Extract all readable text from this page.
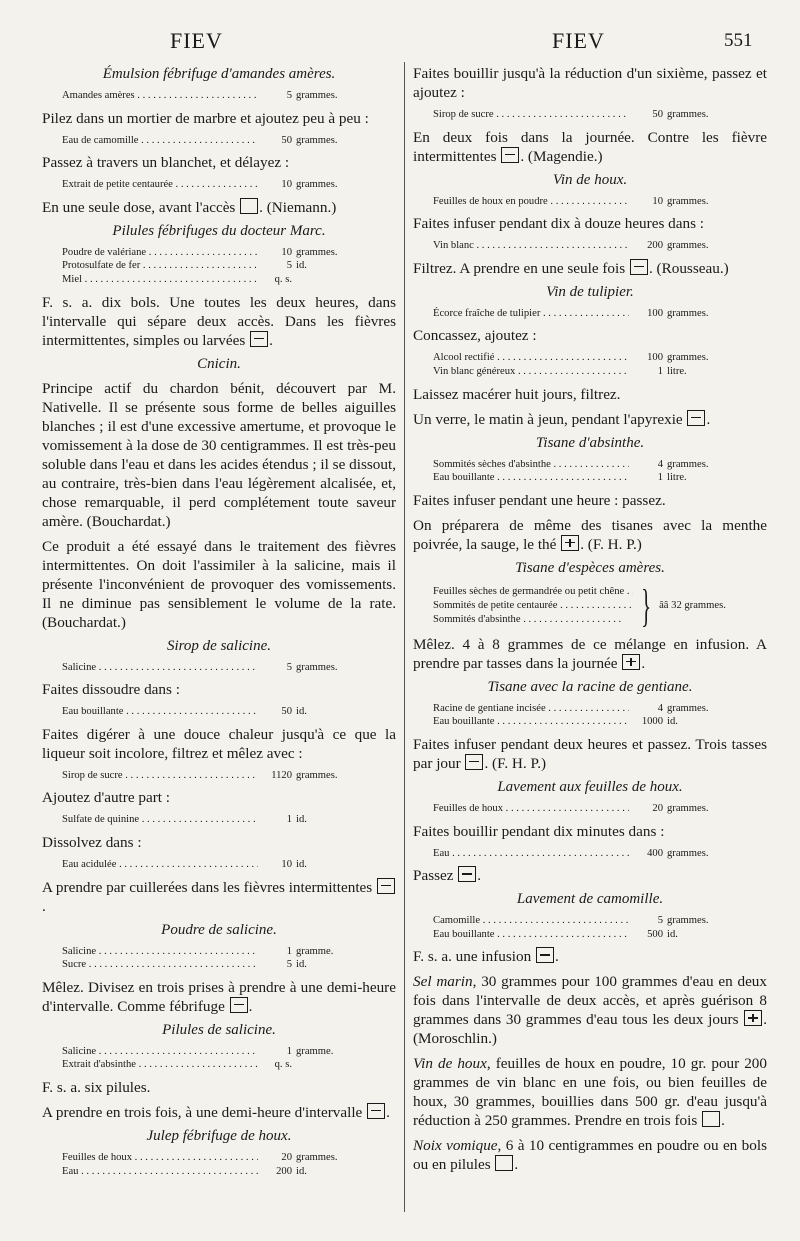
FIEV	FIEV	551
Émulsion fébrifuge d'amandes amères.
Amandes amères . . .	5 grammes.
Pilez dans un mortier de marbre et ajoutez peu à peu :
Eau de camomille . . .	50 grammes.
Passez à travers un blanchet, et délayez :
Extrait de petite centaurée . . .	10 grammes.
En une seule dose, avant l'accès . (Niemann.)
Pilules fébrifuges du docteur Marc.
Poudre de valériane . . .	10 grammes.
Protosulfate de fer . . .	5 id.
Miel . . .	q. s.
F. s. a. dix bols. Une toutes les deux heures, dans l'intervalle qui sépare deux accès. Dans les fièvres intermittentes, simples ou larvées .
Cnicin.
Principe actif du chardon bénit, découvert par M. Nativelle. Il se présente sous forme de belles aiguilles blanches ; il est d'une excessive amertume, et provoque le vomissement à la dose de 30 centigrammes. Il est très-peu soluble dans l'eau et dans les acides étendus ; il se dissout, au contraire, très-bien dans l'eau légèrement alcalisée, et, chose remarquable, il perd complétement toute saveur amère. (Bouchardat.)
Ce produit a été essayé dans le traitement des fièvres intermittentes. On doit l'assimiler à la salicine, mais il présente l'inconvénient de provoquer des vomissements. Il ne diminue pas sensiblement le volume de la rate. (Bouchardat.)
Sirop de salicine.
Salicine . . .	5 grammes.
Faites dissoudre dans :
Eau bouillante . . .	50 id.
Faites digérer à une douce chaleur jusqu'à ce que la liqueur soit incolore, filtrez et mêlez avec :
Sirop de sucre . . .	1120 grammes.
Ajoutez d'autre part :
Sulfate de quinine . . .	1 id.
Dissolvez dans :
Eau acidulée . . .	10 id.
A prendre par cuillerées dans les fièvres intermittentes .
Poudre de salicine.
Salicine . . .	1 gramme.
Sucre . . .	5 id.
Mêlez. Divisez en trois prises à prendre à une demi-heure d'intervalle. Comme fébrifuge .
Pilules de salicine.
Salicine . . .	1 gramme.
Extrait d'absinthe . . .	q. s.
F. s. a. six pilules.
A prendre en trois fois, à une demi-heure d'intervalle .
Julep fébrifuge de houx.
Feuilles de houx . . .	20 grammes.
Eau . . .	200 id.
Faites bouillir jusqu'à la réduction d'un sixième, passez et ajoutez :
Sirop de sucre . . .	50 grammes.
En deux fois dans la journée. Contre les fièvre intermittentes . (Magendie.)
Vin de houx.
Feuilles de houx en poudre . . .	10 grammes.
Faites infuser pendant dix à douze heures dans :
Vin blanc . . .	200 grammes.
Filtrez. A prendre en une seule fois . (Rousseau.)
Vin de tulipier.
Écorce fraîche de tulipier . . .	100 grammes.
Concassez, ajoutez :
Alcool rectifié . . .	100 grammes.
Vin blanc généreux . . .	1 litre.
Laissez macérer huit jours, filtrez.
Un verre, le matin à jeun, pendant l'apyrexie .
Tisane d'absinthe.
Sommités sèches d'absinthe . . .	4 grammes.
Eau bouillante . . .	1 litre.
Faites infuser pendant une heure : passez.
On préparera de même des tisanes avec la menthe poivrée, la sauge, le thé . (F. H. P.)
Tisane d'espèces amères.
Feuilles sèches de germandrée ou petit chêne . . .
Sommités de petite centaurée . . .
Sommités d'absinthe . . .	} ââ 32 grammes.
Mêlez. 4 à 8 grammes de ce mélange en infusion. A prendre par tasses dans la journée .
Tisane avec la racine de gentiane.
Racine de gentiane incisée . . .	4 grammes.
Eau bouillante . . .	1000 id.
Faites infuser pendant deux heures et passez. Trois tasses par jour . (F. H. P.)
Lavement aux feuilles de houx.
Feuilles de houx . . .	20 grammes.
Faites bouillir pendant dix minutes dans :
Eau . . .	400 grammes.
Passez .
Lavement de camomille.
Camomille . . .	5 grammes.
Eau bouillante . . .	500 id.
F. s. a. une infusion .
Sel marin, 30 grammes pour 100 grammes d'eau en deux fois dans l'intervalle de deux accès, et après guérison 8 grammes dans 30 grammes d'eau tous les deux jours . (Moroschlin.)
Vin de houx, feuilles de houx en poudre, 10 gr. pour 200 grammes de vin blanc en une fois, ou bien feuilles de houx, 30 grammes, bouillies dans 500 gr. d'eau jusqu'à réduction à 250 grammes. Prendre en trois fois .
Noix vomique, 6 à 10 centigrammes en poudre ou en bols ou en pilules .
